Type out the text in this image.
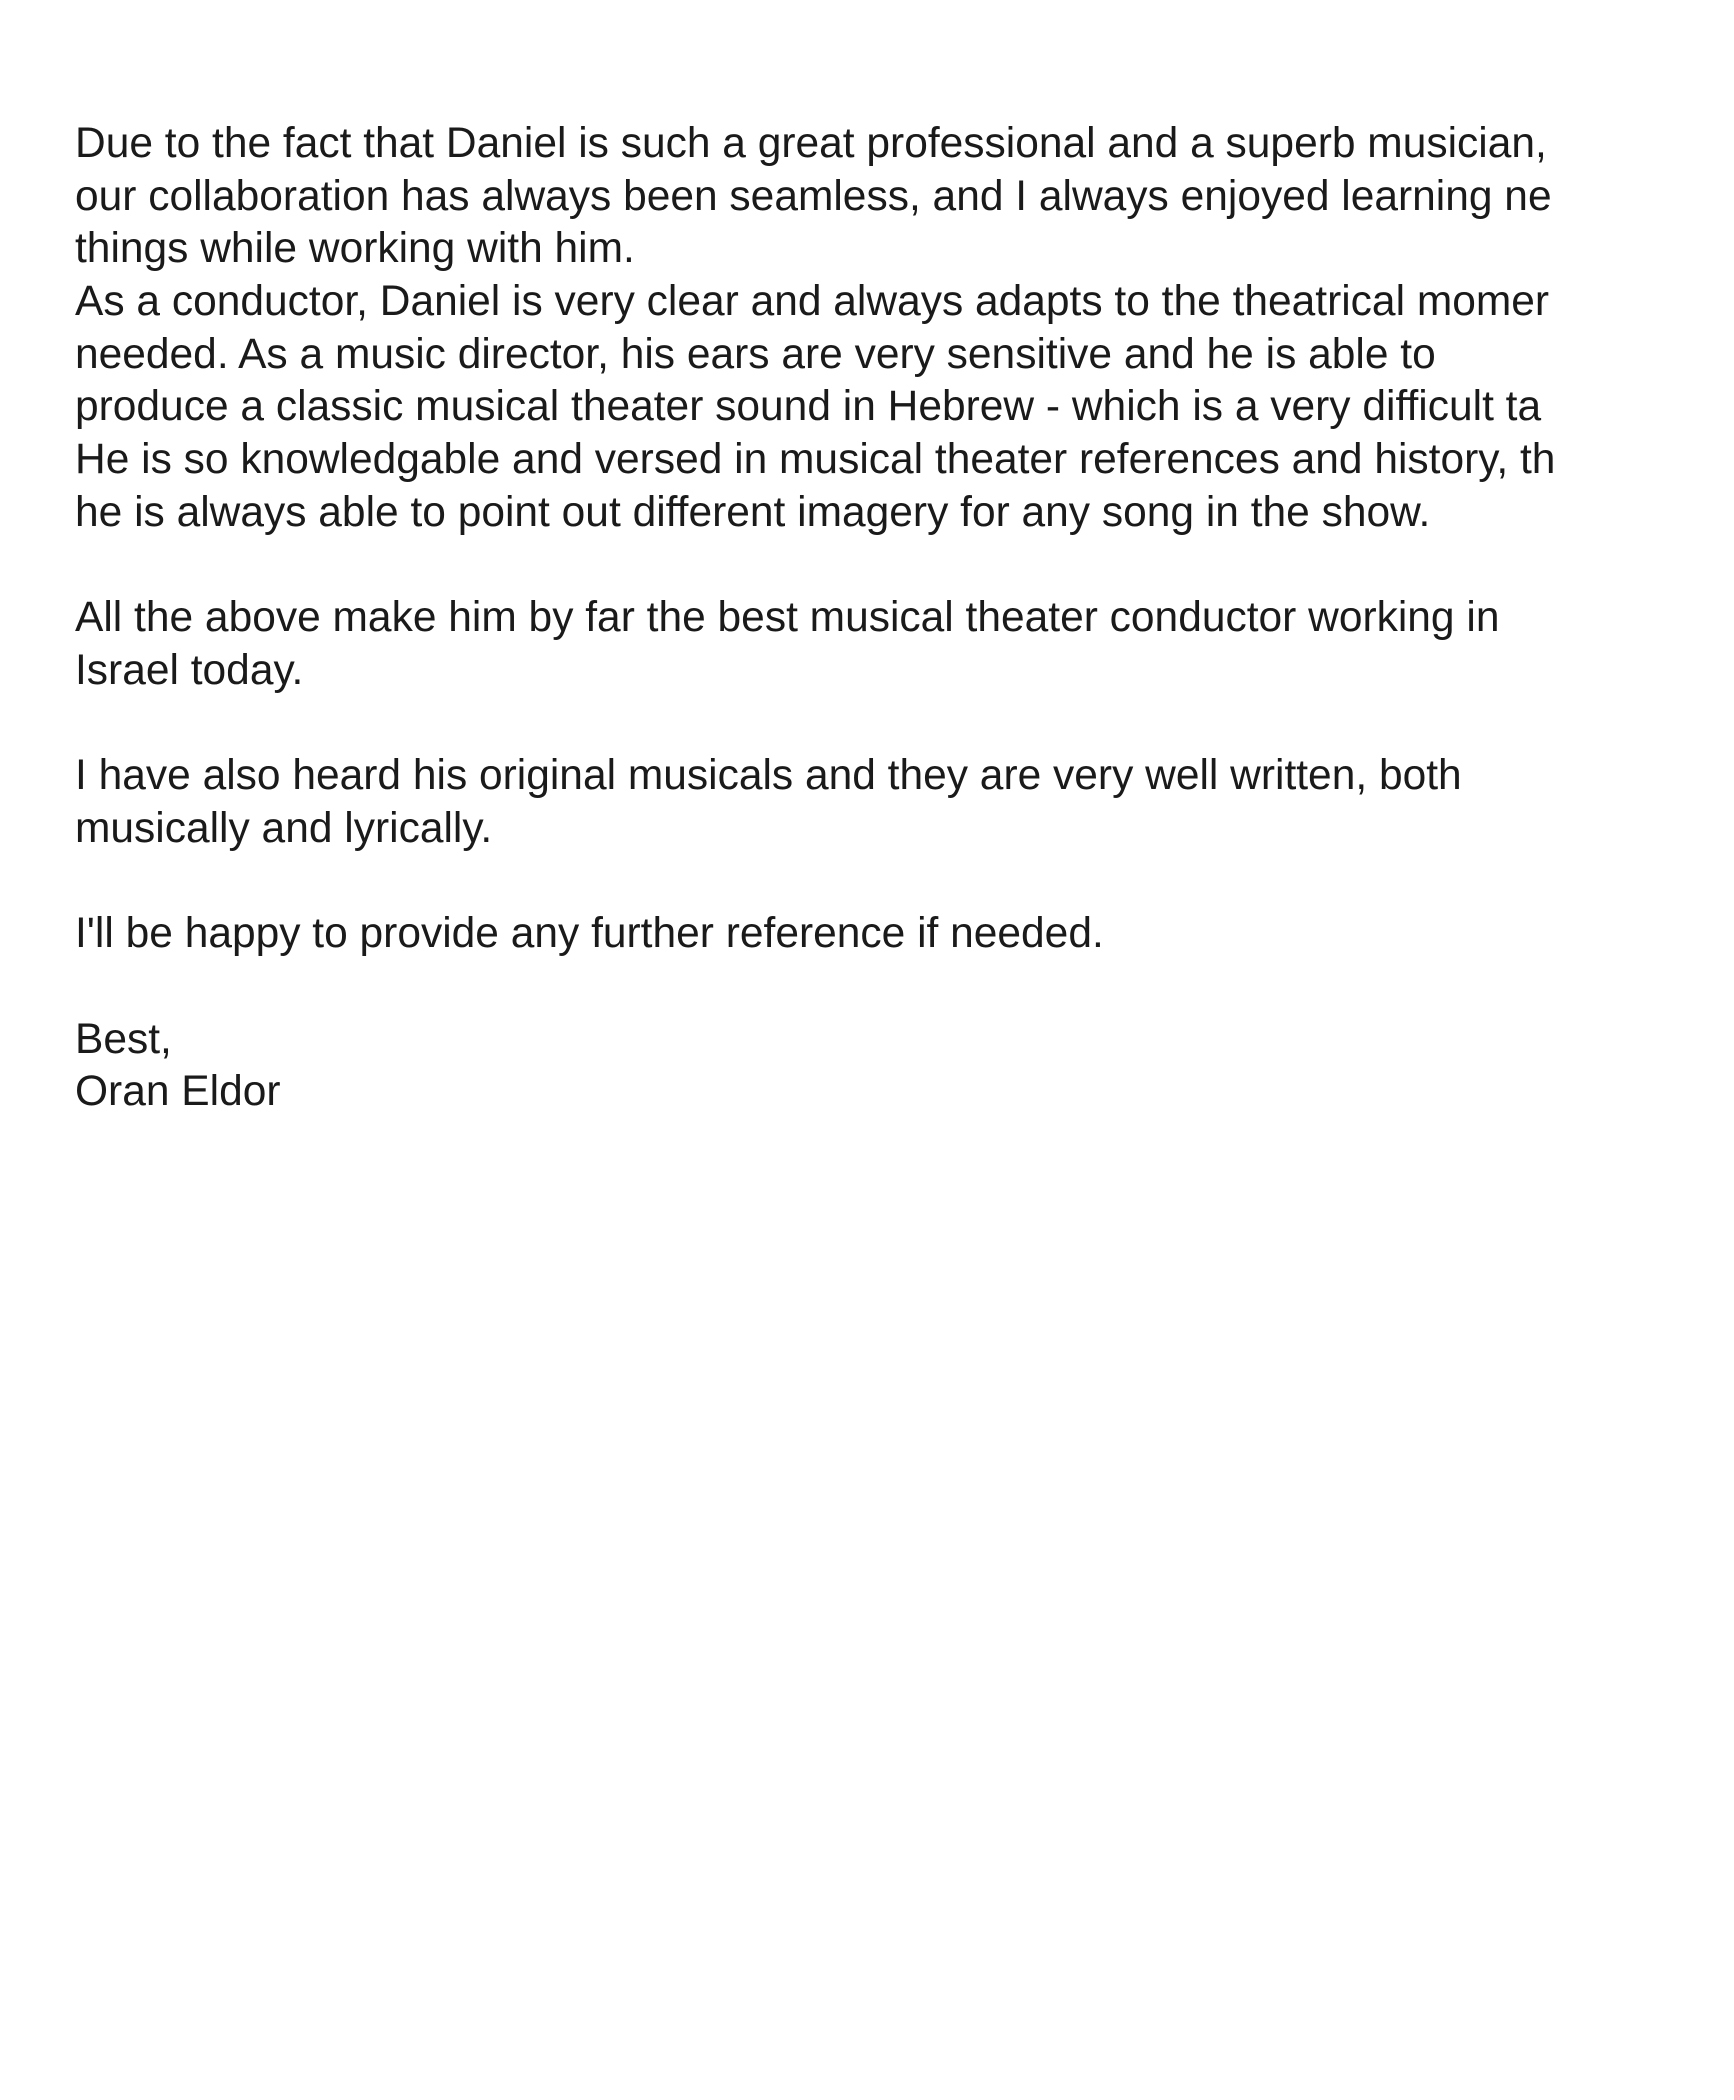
Due to the fact that Daniel is such a great professional and a superb musician,
our collaboration has always been seamless, and I always enjoyed learning ne
things while working with him.
As a conductor, Daniel is very clear and always adapts to the theatrical momer
needed. As a music director, his ears are very sensitive and he is able to
produce a classic musical theater sound in Hebrew - which is a very difficult ta
He is so knowledgable and versed in musical theater references and history, th
he is always able to point out different imagery for any song in the show.
All the above make him by far the best musical theater conductor working in
Israel today.
I have also heard his original musicals and they are very well written, both
musically and lyrically.
I'll be happy to provide any further reference if needed.
Best,
Oran Eldor
